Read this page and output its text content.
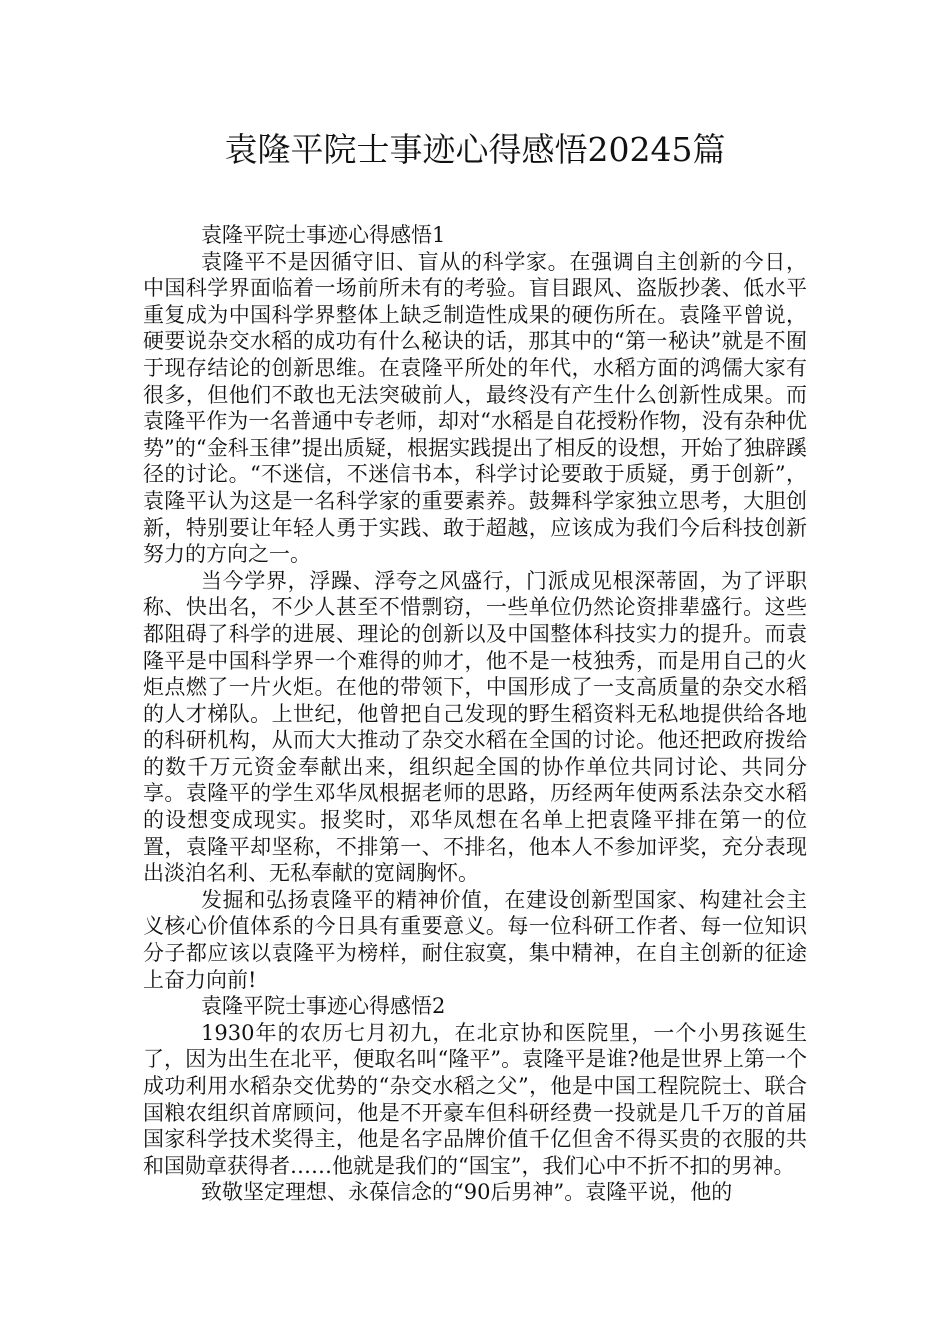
袁隆平院士事迹心得感悟20245篇

袁隆平院士事迹心得感悟1

袁隆平不是因循守旧、盲从的科学家。在强调自主创新的今日，中国科学界面临着一场前所未有的考验。盲目跟风、盗版抄袭、低水平重复成为中国科学界整体上缺乏制造性成果的硬伤所在。袁隆平曾说，硬要说杂交水稻的成功有什么秘诀的话，那其中的“第一秘诀”就是不囿于现存结论的创新思维。在袁隆平所处的年代，水稻方面的鸿儒大家有很多，但他们不敢也无法突破前人，最终没有产生什么创新性成果。而袁隆平作为一名普通中专老师，却对“水稻是自花授粉作物，没有杂种优势”的“金科玉律”提出质疑，根据实践提出了相反的设想，开始了独辟蹊径的讨论。“不迷信，不迷信书本，科学讨论要敢于质疑，勇于创新”，袁隆平认为这是一名科学家的重要素养。鼓舞科学家独立思考，大胆创新，特别要让年轻人勇于实践、敢于超越，应该成为我们今后科技创新努力的方向之一。

当今学界，浮躁、浮夸之风盛行，门派成见根深蒂固，为了评职称、快出名，不少人甚至不惜剽窃，一些单位仍然论资排辈盛行。这些都阻碍了科学的进展、理论的创新以及中国整体科技实力的提升。而袁隆平是中国科学界一个难得的帅才，他不是一枝独秀，而是用自己的火炬点燃了一片火炬。在他的带领下，中国形成了一支高质量的杂交水稻的人才梯队。上世纪，他曾把自己发现的野生稻资料无私地提供给各地的科研机构，从而大大推动了杂交水稻在全国的讨论。他还把政府拨给的数千万元资金奉献出来，组织起全国的协作单位共同讨论、共同分享。袁隆平的学生邓华凤根据老师的思路，历经两年使两系法杂交水稻的设想变成现实。报奖时，邓华凤想在名单上把袁隆平排在第一的位置，袁隆平却坚称，不排第一、不排名，他本人不参加评奖，充分表现出淡泊名利、无私奉献的宽阔胸怀。

发掘和弘扬袁隆平的精神价值，在建设创新型国家、构建社会主义核心价值体系的今日具有重要意义。每一位科研工作者、每一位知识分子都应该以袁隆平为榜样，耐住寂寞，集中精神，在自主创新的征途上奋力向前!

袁隆平院士事迹心得感悟2

1930年的农历七月初九，在北京协和医院里，一个小男孩诞生了，因为出生在北平，便取名叫“隆平”。袁隆平是谁?他是世界上第一个成功利用水稻杂交优势的“杂交水稻之父”，他是中国工程院院士、联合国粮农组织首席顾问，他是不开豪车但科研经费一投就是几千万的首届国家科学技术奖得主，他是名字品牌价值千亿但舍不得买贵的衣服的共和国勋章获得者……他就是我们的“国宝”，我们心中不折不扣的男神。

致敬坚定理想、永葆信念的“90后男神”。袁隆平说，他的
